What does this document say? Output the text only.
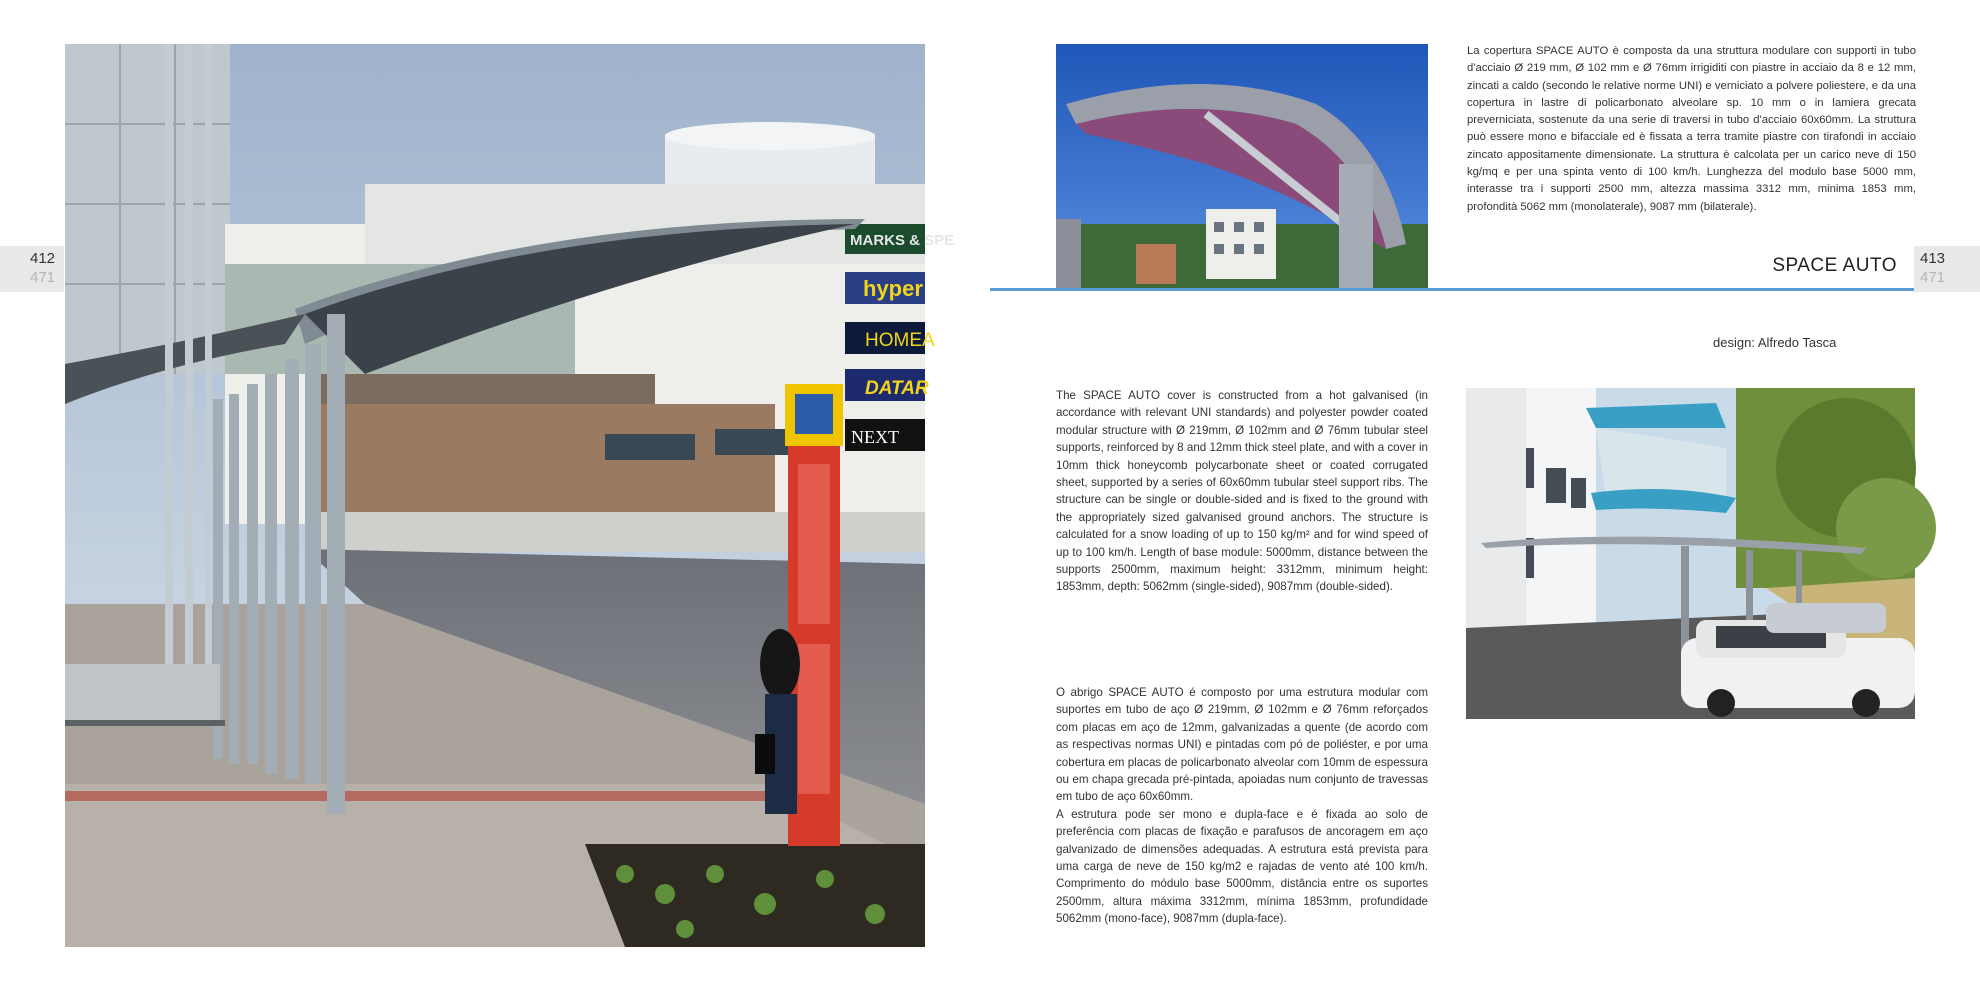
412
471
MARKS & SPE
hyper
HOMEA
DATAR
NEXT
La copertura SPACE AUTO è composta da una struttura modulare con supporti in tubo d'acciaio Ø 219 mm, Ø 102 mm e Ø 76mm irrigiditi con piastre in acciaio da 8 e 12 mm, zincati a caldo (secondo le relative norme UNI) e verniciato a polvere poliestere, e da una copertura in lastre di policarbonato alveolare sp. 10 mm o in lamiera grecata preverniciata, sostenute da una serie di traversi in tubo d'acciaio 60x60mm. La struttura può essere mono e bifacciale ed è fissata a terra tramite piastre con tirafondi in acciaio zincato appositamente dimensionate. La struttura è calcolata per un carico neve di 150 kg/mq e per una spinta vento di 100 km/h. Lunghezza del modulo base 5000 mm, interasse tra i supporti 2500 mm, altezza massima 3312 mm, minima 1853 mm, profondità 5062 mm (monolaterale), 9087 mm (bilaterale).
SPACE AUTO 413
471
design: Alfredo Tasca
The SPACE AUTO cover is constructed from a hot galvanised (in accordance with relevant UNI standards) and polyester powder coated modular structure with Ø 219mm, Ø 102mm and Ø 76mm tubular steel supports, reinforced by 8 and 12mm thick steel plate, and with a cover in 10mm thick honeycomb polycarbonate sheet or coated corrugated sheet, supported by a series of 60x60mm tubular steel support ribs. The structure can be single or double-sided and is fixed to the ground with the appropriately sized galvanised ground anchors. The structure is calculated for a snow loading of up to 150 kg/m² and for wind speed of up to 100 km/h. Length of base module: 5000mm, distance between the supports 2500mm, maximum height: 3312mm, minimum height: 1853mm, depth: 5062mm (single-sided), 9087mm (double-sided).
O abrigo SPACE AUTO é composto por uma estrutura modular com suportes em tubo de aço Ø 219mm, Ø 102mm e Ø 76mm reforçados com placas em aço de 12mm, galvanizadas a quente (de acordo com as respectivas normas UNI) e pintadas com pó de poliéster, e por uma cobertura em placas de policarbonato alveolar com 10mm de espessura ou em chapa grecada pré-pintada, apoiadas num conjunto de travessas em tubo de aço 60x60mm.
A estrutura pode ser mono e dupla-face e é fixada ao solo de preferência com placas de fixação e parafusos de ancoragem em aço galvanizado de dimensões adequadas. A estrutura está prevista para uma carga de neve de 150 kg/m2 e rajadas de vento até 100 km/h. Comprimento do módulo base 5000mm, distância entre os suportes 2500mm, altura máxima 3312mm, mínima 1853mm, profundidade 5062mm (mono-face), 9087mm (dupla-face).
